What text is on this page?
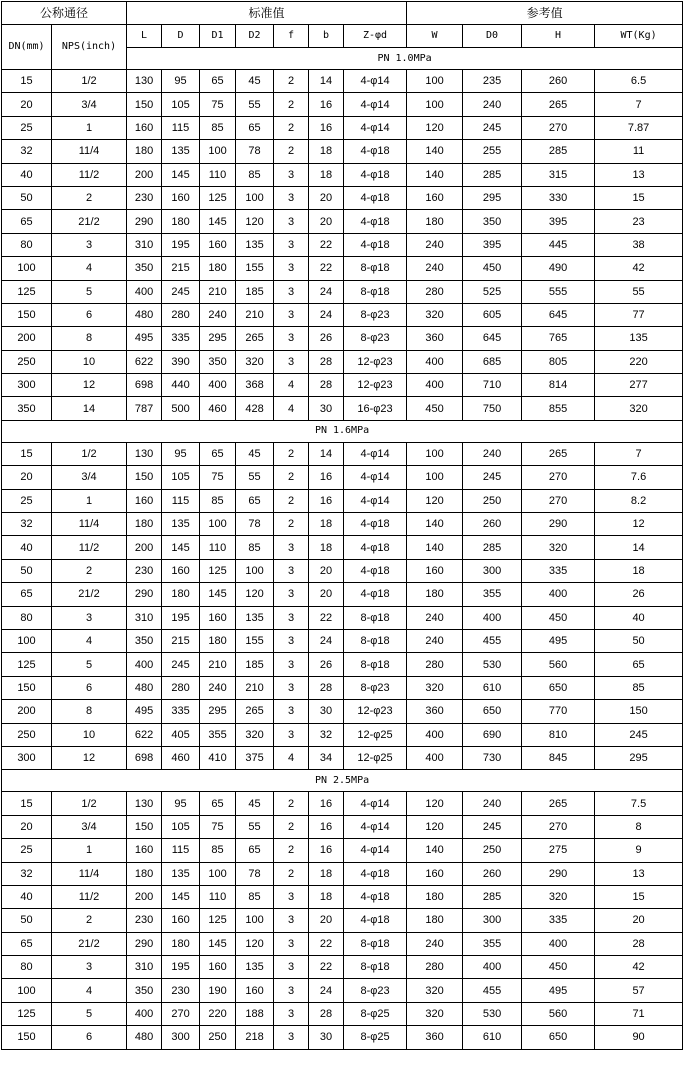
公称通径		标准值							参考值			
DN(mm)	NPS(inch)	L	D	D1	D2	f	b	Z-φd	W	D0	H	WT(Kg)
		PN 1.0MPa										
15	1/2	130	95	65	45	2	14	4-φ14	100	235	260	6.5
20	3/4	150	105	75	55	2	16	4-φ14	100	240	265	7
25	1	160	115	85	65	2	16	4-φ14	120	245	270	7.87
32	11/4	180	135	100	78	2	18	4-φ18	140	255	285	11
40	11/2	200	145	110	85	3	18	4-φ18	140	285	315	13
50	2	230	160	125	100	3	20	4-φ18	160	295	330	15
65	21/2	290	180	145	120	3	20	4-φ18	180	350	395	23
80	3	310	195	160	135	3	22	4-φ18	240	395	445	38
100	4	350	215	180	155	3	22	8-φ18	240	450	490	42
125	5	400	245	210	185	3	24	8-φ18	280	525	555	55
150	6	480	280	240	210	3	24	8-φ23	320	605	645	77
200	8	495	335	295	265	3	26	8-φ23	360	645	765	135
250	10	622	390	350	320	3	28	12-φ23	400	685	805	220
300	12	698	440	400	368	4	28	12-φ23	400	710	814	277
350	14	787	500	460	428	4	30	16-φ23	450	750	855	320
PN 1.6MPa												
15	1/2	130	95	65	45	2	14	4-φ14	100	240	265	7
20	3/4	150	105	75	55	2	16	4-φ14	100	245	270	7.6
25	1	160	115	85	65	2	16	4-φ14	120	250	270	8.2
32	11/4	180	135	100	78	2	18	4-φ18	140	260	290	12
40	11/2	200	145	110	85	3	18	4-φ18	140	285	320	14
50	2	230	160	125	100	3	20	4-φ18	160	300	335	18
65	21/2	290	180	145	120	3	20	4-φ18	180	355	400	26
80	3	310	195	160	135	3	22	8-φ18	240	400	450	40
100	4	350	215	180	155	3	24	8-φ18	240	455	495	50
125	5	400	245	210	185	3	26	8-φ18	280	530	560	65
150	6	480	280	240	210	3	28	8-φ23	320	610	650	85
200	8	495	335	295	265	3	30	12-φ23	360	650	770	150
250	10	622	405	355	320	3	32	12-φ25	400	690	810	245
300	12	698	460	410	375	4	34	12-φ25	400	730	845	295
PN 2.5MPa												
15	1/2	130	95	65	45	2	16	4-φ14	120	240	265	7.5
20	3/4	150	105	75	55	2	16	4-φ14	120	245	270	8
25	1	160	115	85	65	2	16	4-φ14	140	250	275	9
32	11/4	180	135	100	78	2	18	4-φ18	160	260	290	13
40	11/2	200	145	110	85	3	18	4-φ18	180	285	320	15
50	2	230	160	125	100	3	20	4-φ18	180	300	335	20
65	21/2	290	180	145	120	3	22	8-φ18	240	355	400	28
80	3	310	195	160	135	3	22	8-φ18	280	400	450	42
100	4	350	230	190	160	3	24	8-φ23	320	455	495	57
125	5	400	270	220	188	3	28	8-φ25	320	530	560	71
150	6	480	300	250	218	3	30	8-φ25	360	610	650	90
